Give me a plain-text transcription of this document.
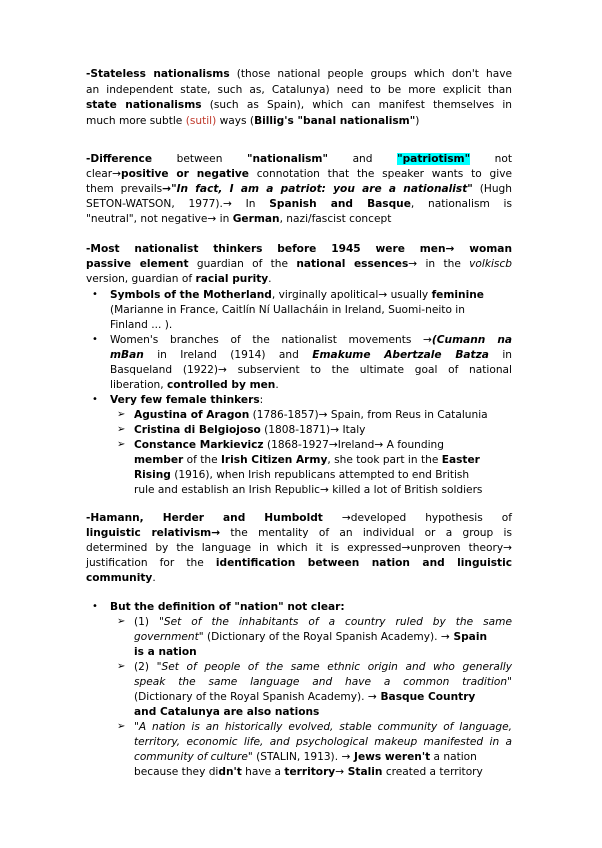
-Stateless nationalisms (those national people groups which don't have
an independent state, such as, Catalunya) need to be more explicit than
state nationalisms (such as Spain), which can manifest themselves in
much more subtle (sutil) ways (Billig's "banal nationalism")
-Difference between "nationalism" and "patriotism" not
clear→positive or negative connotation that the speaker wants to give
them prevails→"In fact, I am a patriot: you are a nationalist" (Hugh
SETON-WATSON, 1977).→ In Spanish and Basque, nationalism is
"neutral", not negative→ in German, nazi/fascist concept
-Most nationalist thinkers before 1945 were men→ woman
passive element guardian of the national essences→ in the volkiscb
version, guardian of racial purity.
• Symbols of the Motherland, virginally apolitical→ usually feminine
(Marianne in France, Caitlín Ní Uallacháin in Ireland, Suomi-neito in
Finland ... ).
• Women's branches of the nationalist movements →(Cumann na
mBan in Ireland (1914) and Emakume Abertzale Batza in
Basqueland (1922)→ subservient to the ultimate goal of national
liberation, controlled by men.
• Very few female thinkers:
➢ Agustina of Aragon (1786-1857)→ Spain, from Reus in Catalunia
➢ Cristina di Belgiojoso (1808-1871)→ Italy
➢ Constance Markievicz (1868-1927→Ireland→ A founding
member of the Irish Citizen Army, she took part in the Easter
Rising (1916), when Irish republicans attempted to end British
rule and establish an Irish Republic→ killed a lot of British soldiers
-Hamann, Herder and Humboldt →developed hypothesis of
linguistic relativism→ the mentality of an individual or a group is
determined by the language in which it is expressed→unproven theory→
justification for the identification between nation and linguistic
community.
• But the definition of "nation" not clear:
➢ (1) "Set of the inhabitants of a country ruled by the same
government" (Dictionary of the Royal Spanish Academy). → Spain
is a nation
➢ (2) "Set of people of the same ethnic origin and who generally
speak the same language and have a common tradition"
(Dictionary of the Royal Spanish Academy). → Basque Country
and Catalunya are also nations
➢ "A nation is an historically evolved, stable community of language,
territory, economic life, and psychological makeup manifested in a
community of culture" (STALIN, 1913). → Jews weren't a nation
because they didn't have a territory→ Stalin created a territory
